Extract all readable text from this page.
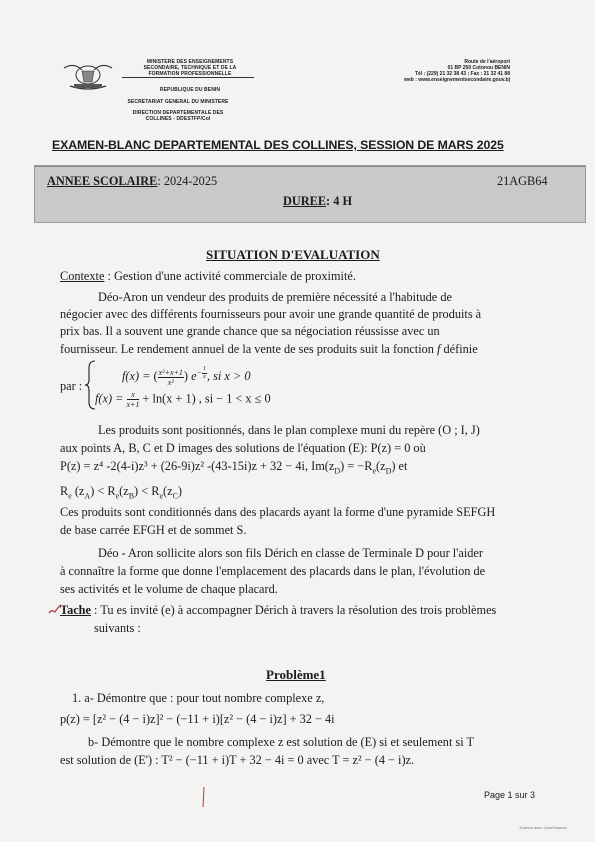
MINISTERE DES ENSEIGNEMENTS
SECONDAIRE, TECHNIQUE ET DE LA
FORMATION PROFESSIONNELLE
REPUBLIQUE DU BENIN
SECRETARIAT GENERAL DU MINISTERE
DIRECTION DEPARTEMENTALE DES
COLLINES - DDESTFP/Col
Route de l'aéroport
01 BP 250 Cotonou BENIN
Tél : (229) 21 32 38 43 ; Fax : 21 32 41 88
web : www.enseignementsecondaire.gouv.bj
EXAMEN-BLANC DEPARTEMENTAL DES COLLINES, SESSION DE MARS 2025
ANNEE SCOLAIRE: 2024-2025	21AGB64
DUREE: 4 H
SITUATION D'EVALUATION
Contexte : Gestion d'une activité commerciale de proximité.
Déo-Aron un vendeur des produits de première nécessité a l'habitude de
négocier avec des différents fournisseurs pour avoir une grande quantité de produits à
prix bas. Il a souvent une grande chance que sa négociation réussisse avec un
fournisseur. Le rendement annuel de la vente de ses produits suit la fonction f définie
par :
f(x) = ( $\frac{\text{x²+x+1}}{\text{x²}}$ ) $e^{- \frac{1}{x}}$ , si x > 0
$f(x) = \frac{x}{x+1} + \ln(x + 1)$ , si − 1 < x ≤ 0
Les produits sont positionnés, dans le plan complexe muni du repère (O ; I, J)
aux points A, B, C et D images des solutions de l'équation (E): P(z) = 0 où
P(z) = z⁴ -2(4-i)z³ + (26-9i)z² -(43-15i)z + 32 − 4i, $Im(z_D) = -R_e(z_D)$ et
$R_e$ $(z_A) < R_e(z_B) < R_e(z_C)$
Ces produits sont conditionnés dans des placards ayant la forme d'une pyramide SEFGH
de base carrée EFGH et de sommet S.
Déo - Aron sollicite alors son fils Dérich en classe de Terminale D pour l'aider
à connaître la forme que donne l'emplacement des placards dans le plan, l'évolution de
ses activités et le volume de chaque placard.
Tache : Tu es invité (e) à accompagner Dérich à travers la résolution des trois problèmes
suivants :
Problème1
1. a- Démontre que : pour tout nombre complexe z,
p(z) = [z² − (4 − i)z]² − (−11 + i)[z² − (4 − i)z] + 32 − 4i
b- Démontre que le nombre complexe z est solution de (E) si et seulement si T
est solution de (E') : T² − (−11 + i)T + 32 − 4i = 0 avec T = z² − (4 − i)z.
Page 1 sur 3
Scanné avec CamScanner
